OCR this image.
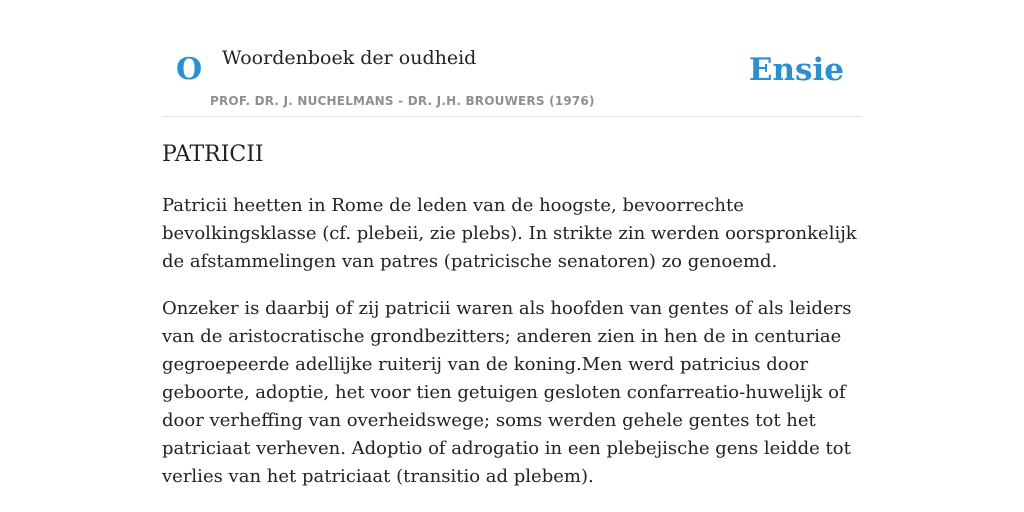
O Woordenboek der oudheid
PROF. DR. J. NUCHELMANS - DR. J.H. BROUWERS (1976)
Ensie
PATRICII

Patricii heetten in Rome de leden van de hoogste, bevoorrechte bevolkingsklasse (cf. plebeii, zie plebs). In strikte zin werden oorspronkelijk de afstammelingen van patres (patricische senatoren) zo genoemd.

Onzeker is daarbij of zij patricii waren als hoofden van gentes of als leiders van de aristocratische grondbezitters; anderen zien in hen de in centuriae gegroepeerde adellijke ruiterij van de koning.Men werd patricius door geboorte, adoptie, het voor tien getuigen gesloten confarreatio-huwelijk of door verheffing van overheidswege; soms werden gehele gentes tot het patriciaat verheven. Adoptio of adrogatio in een plebejische gens leidde tot verlies van het patriciaat (transitio ad plebem).
